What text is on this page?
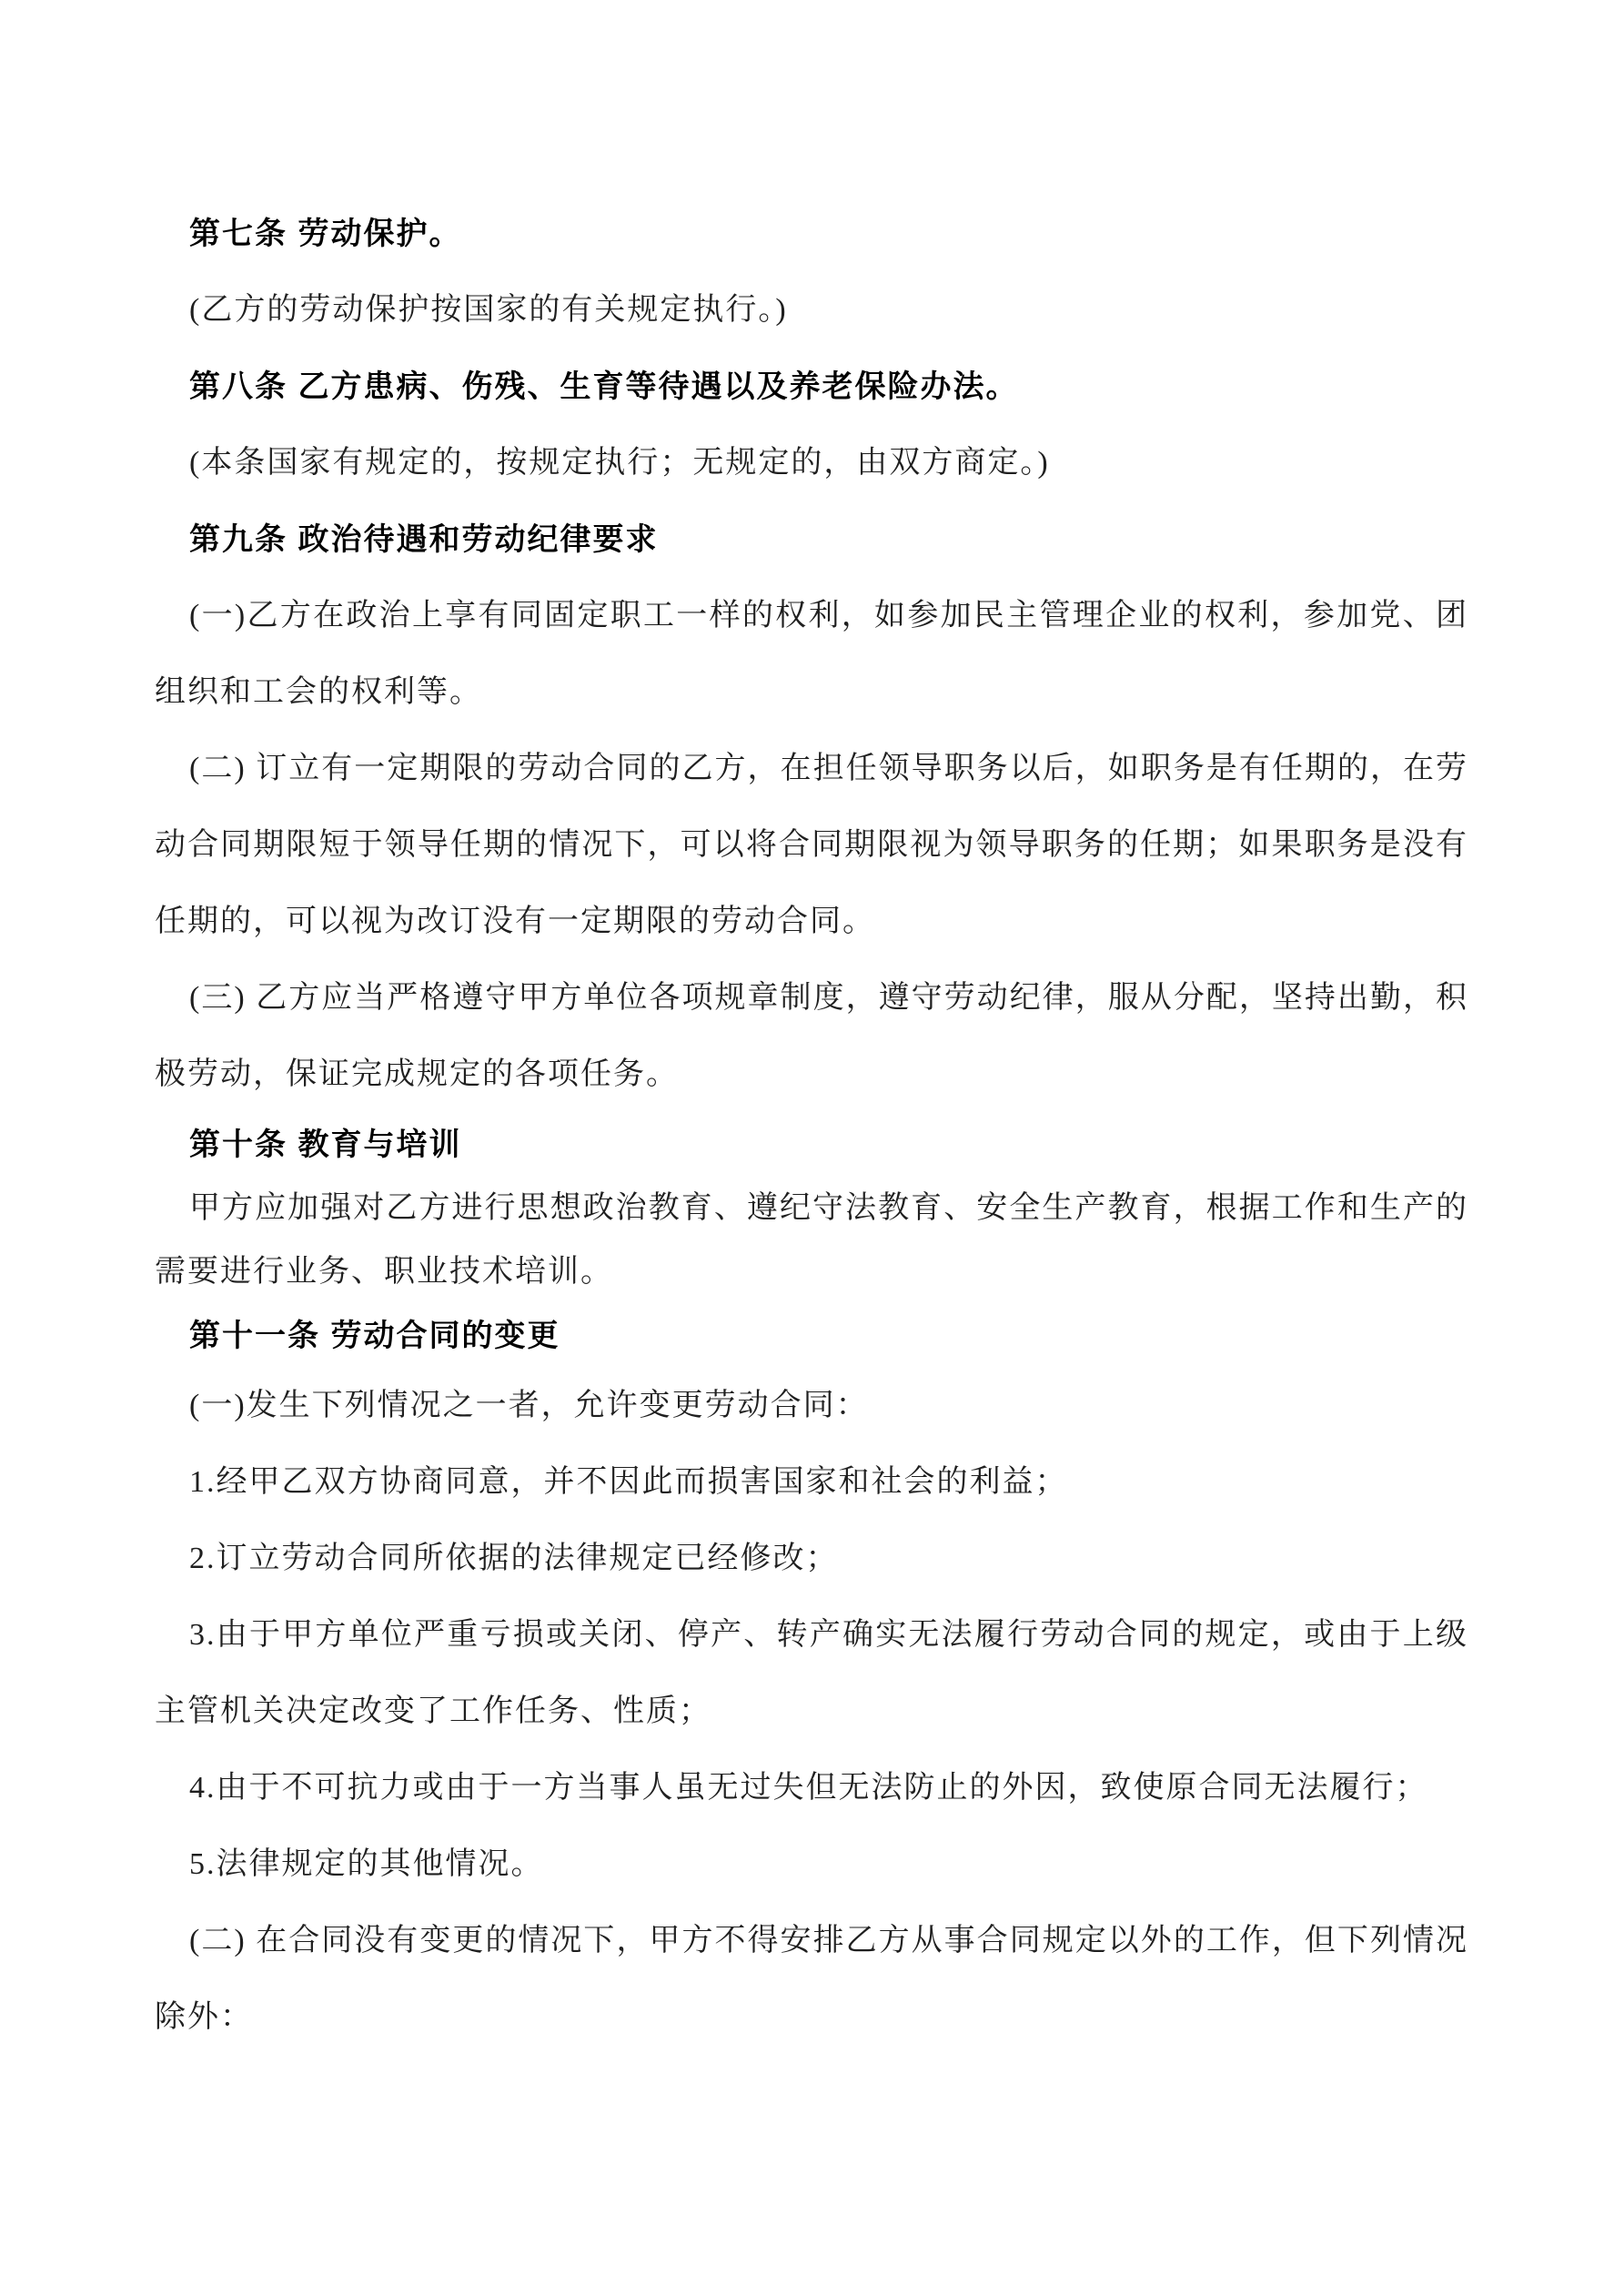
第七条 劳动保护。

(乙方的劳动保护按国家的有关规定执行。)

第八条 乙方患病、伤残、生育等待遇以及养老保险办法。

(本条国家有规定的，按规定执行；无规定的，由双方商定。)

第九条 政治待遇和劳动纪律要求

(一)乙方在政治上享有同固定职工一样的权利，如参加民主管理企业的权利，参加党、团组织和工会的权利等。

(二) 订立有一定期限的劳动合同的乙方，在担任领导职务以后，如职务是有任期的，在劳动合同期限短于领导任期的情况下，可以将合同期限视为领导职务的任期；如果职务是没有任期的，可以视为改订没有一定期限的劳动合同。

(三) 乙方应当严格遵守甲方单位各项规章制度，遵守劳动纪律，服从分配，坚持出勤，积极劳动，保证完成规定的各项任务。

第十条 教育与培训

甲方应加强对乙方进行思想政治教育、遵纪守法教育、安全生产教育，根据工作和生产的需要进行业务、职业技术培训。

第十一条 劳动合同的变更

(一)发生下列情况之一者，允许变更劳动合同：

1.经甲乙双方协商同意，并不因此而损害国家和社会的利益；

2.订立劳动合同所依据的法律规定已经修改；

3.由于甲方单位严重亏损或关闭、停产、转产确实无法履行劳动合同的规定，或由于上级主管机关决定改变了工作任务、性质；

4.由于不可抗力或由于一方当事人虽无过失但无法防止的外因，致使原合同无法履行；

5.法律规定的其他情况。

(二) 在合同没有变更的情况下，甲方不得安排乙方从事合同规定以外的工作，但下列情况除外：
